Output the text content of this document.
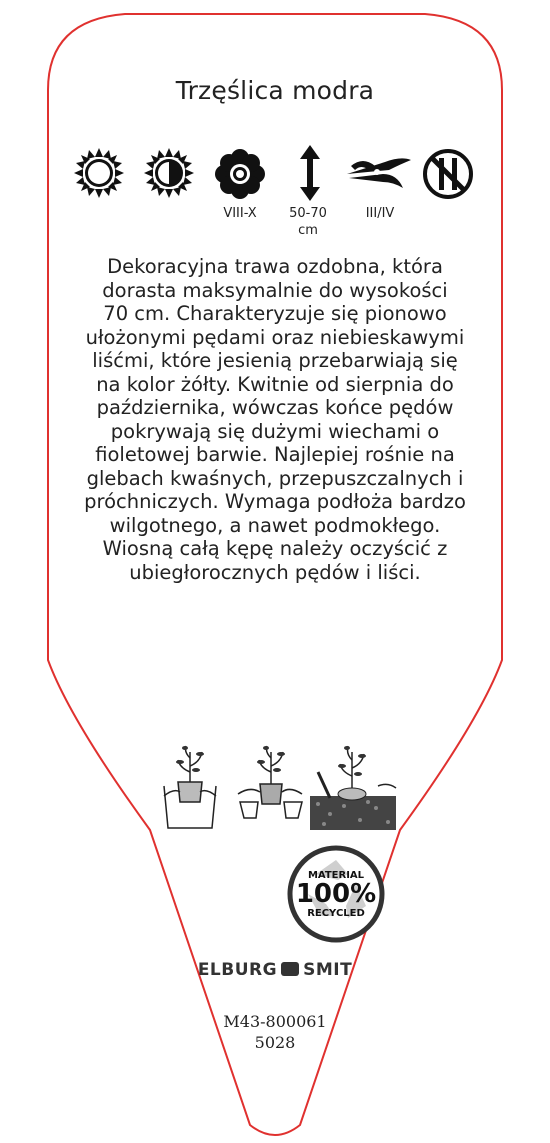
Trzęślica modra
VIII-X	50-70 cm
III/IV
Dekoracyjna trawa ozdobna, która
dorasta maksymalnie do wysokości
70 cm. Charakteryzuje się pionowo
ułożonymi pędami oraz niebieskawymi
liśćmi, które jesienią przebarwiają się
na kolor żółty. Kwitnie od sierpnia do
października, wówczas końce pędów
pokrywają się dużymi wiechami o
fioletowej barwie. Najlepiej rośnie na
glebach kwaśnych, przepuszczalnych i
próchniczych. Wymaga podłoża bardzo
wilgotnego, a nawet podmokłego.
Wiosną całą kępę należy oczyścić z
ubiegłorocznych pędów i liści.
MATERIAL
100%
RECYCLED
ELBURG SMIT
M43-800061
5028
